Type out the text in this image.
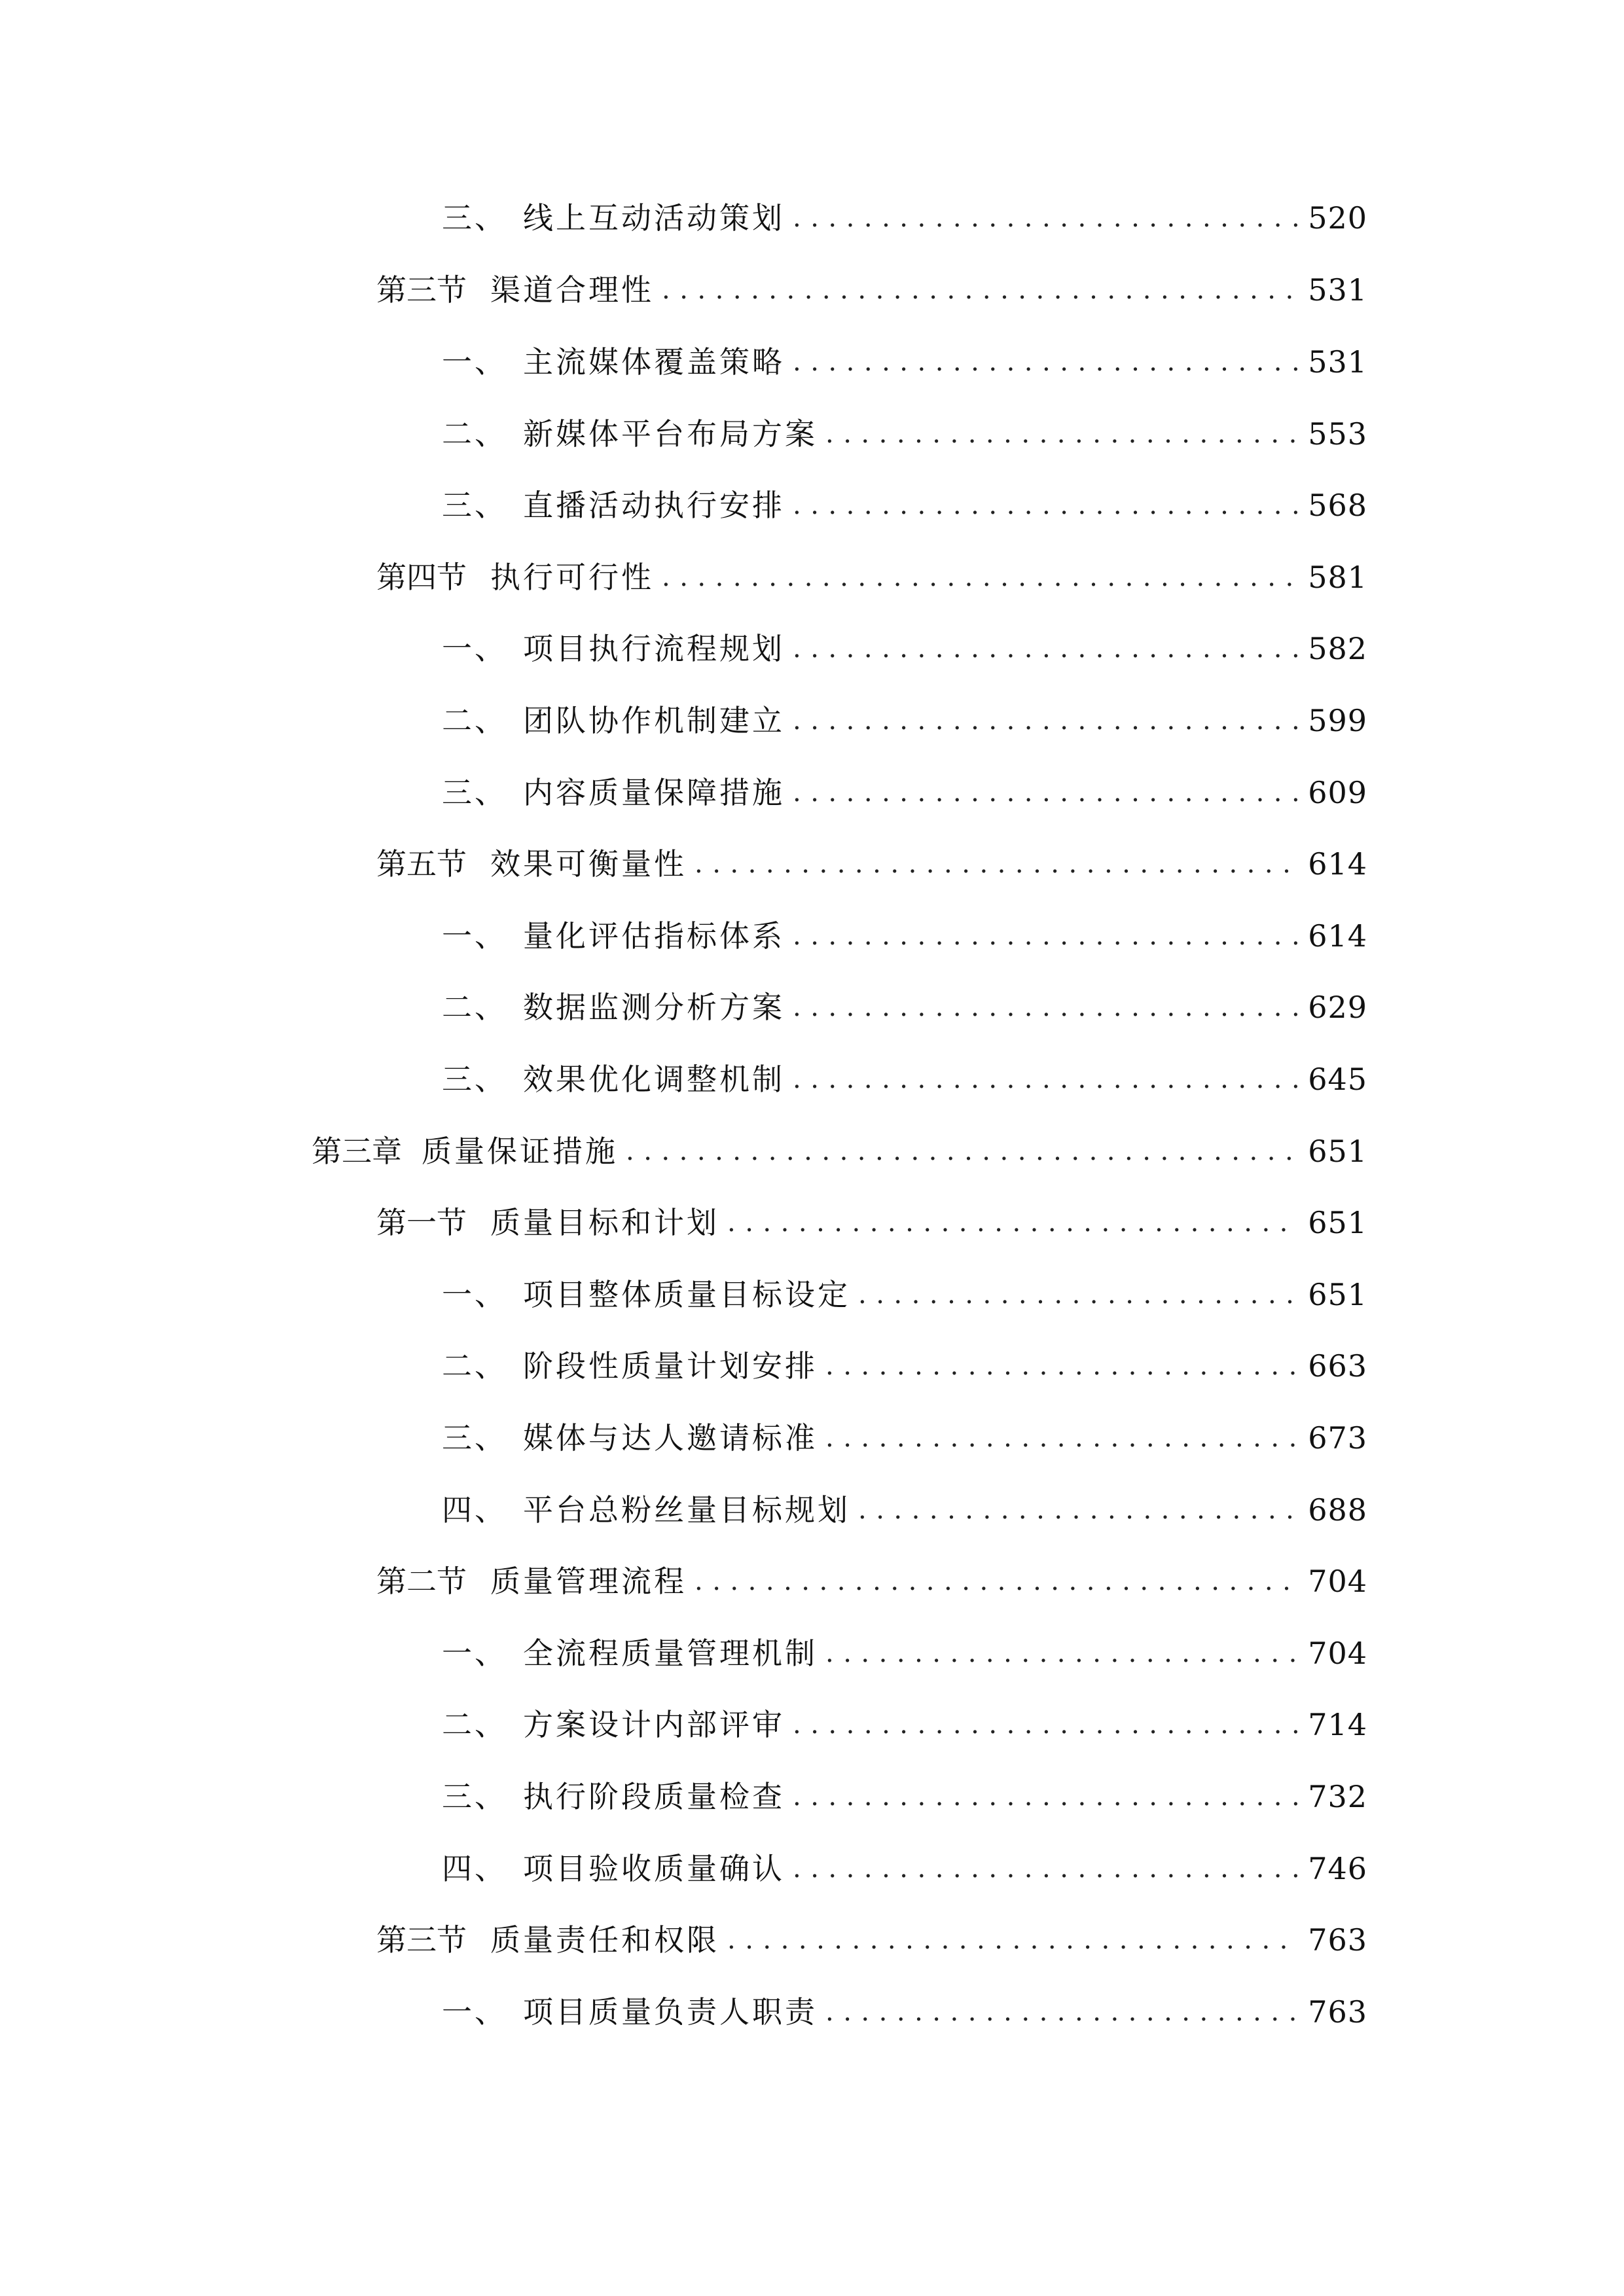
三、 线上互动活动策划 .....	520
第三节 渠道合理性 .....	531
一、 主流媒体覆盖策略 .....	531
二、 新媒体平台布局方案 .....	553
三、 直播活动执行安排 .....	568
第四节 执行可行性 .....	581
一、 项目执行流程规划 .....	582
二、 团队协作机制建立 .....	599
三、 内容质量保障措施 .....	609
第五节 效果可衡量性 .....	614
一、 量化评估指标体系 .....	614
二、 数据监测分析方案 .....	629
三、 效果优化调整机制 .....	645
第三章 质量保证措施 .....	651
第一节 质量目标和计划 .....	651
一、 项目整体质量目标设定 .....	651
二、 阶段性质量计划安排 .....	663
三、 媒体与达人邀请标准 .....	673
四、 平台总粉丝量目标规划 .....	688
第二节 质量管理流程 .....	704
一、 全流程质量管理机制 .....	704
二、 方案设计内部评审 .....	714
三、 执行阶段质量检查 .....	732
四、 项目验收质量确认 .....	746
第三节 质量责任和权限 .....	763
一、 项目质量负责人职责 .....	763
